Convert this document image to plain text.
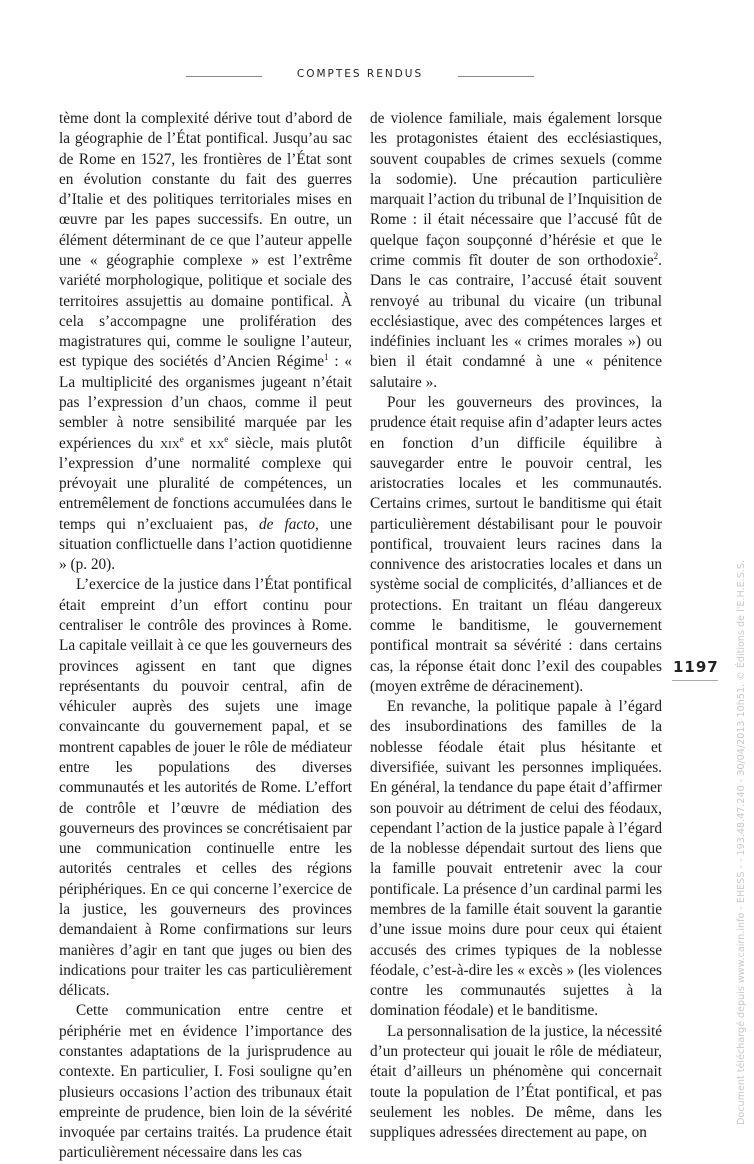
COMPTES RENDUS

tème dont la complexité dérive tout d’abord de la géographie de l’État pontifical. Jusqu’au sac de Rome en 1527, les frontières de l’État sont en évolution constante du fait des guerres d’Italie et des politiques territoriales mises en œuvre par les papes successifs. En outre, un élément déterminant de ce que l’auteur appelle une « géographie complexe » est l’extrême variété morphologique, politique et sociale des territoires assujettis au domaine pontifical. À cela s’accompagne une prolifération des magistratures qui, comme le souligne l’auteur, est typique des sociétés d’Ancien Régime$^1$ : « La multiplicité des organismes jugeant n’était pas l’expression d’un chaos, comme il peut sembler à notre sensibilité marquée par les expériences du xix$^e$ et $xx^e$ siècle, mais plutôt l’expression d’une normalité complexe qui prévoyait une pluralité de compétences, un entremêlement de fonctions accumulées dans le temps qui n’excluaient pas, de facto, une situation conflictuelle dans l’action quotidienne » (p. 20).

L’exercice de la justice dans l’État pontifical était empreint d’un effort continu pour centraliser le contrôle des provinces à Rome. La capitale veillait à ce que les gouverneurs des provinces agissent en tant que dignes représentants du pouvoir central, afin de véhiculer auprès des sujets une image convaincante du gouvernement papal, et se montrent capables de jouer le rôle de médiateur entre les populations des diverses communautés et les autorités de Rome. L’effort de contrôle et l’œuvre de médiation des gouverneurs des provinces se concrétisaient par une communication continuelle entre les autorités centrales et celles des régions périphériques. En ce qui concerne l’exercice de la justice, les gouverneurs des provinces demandaient à Rome confirmations sur leurs manières d’agir en tant que juges ou bien des indications pour traiter les cas particulièrement délicats.

Cette communication entre centre et périphérie met en évidence l’importance des constantes adaptations de la jurisprudence au contexte. En particulier, I. Fosi souligne qu’en plusieurs occasions l’action des tribunaux était empreinte de prudence, bien loin de la sévérité invoquée par certains traités. La prudence était particulièrement nécessaire dans les cas

de violence familiale, mais également lorsque les protagonistes étaient des ecclésiastiques, souvent coupables de crimes sexuels (comme la sodomie). Une précaution particulière marquait l’action du tribunal de l’Inquisition de Rome : il était nécessaire que l’accusé fût de quelque façon soupçonné d’hérésie et que le crime commis fît douter de son orthodoxie$^2$. Dans le cas contraire, l’accusé était souvent renvoyé au tribunal du vicaire (un tribunal ecclésiastique, avec des compétences larges et indéfinies incluant les « crimes morales ») ou bien il était condamné à une « pénitence salutaire ».

Pour les gouverneurs des provinces, la prudence était requise afin d’adapter leurs actes en fonction d’un difficile équilibre à sauvegarder entre le pouvoir central, les aristocraties locales et les communautés. Certains crimes, surtout le banditisme qui était particulièrement déstabilisant pour le pouvoir pontifical, trouvaient leurs racines dans la connivence des aristocraties locales et dans un système social de complicités, d’alliances et de protections. En traitant un fléau dangereux comme le banditisme, le gouvernement pontifical montrait sa sévérité : dans certains cas, la réponse était donc l’exil des coupables (moyen extrême de déracinement).

En revanche, la politique papale à l’égard des insubordinations des familles de la noblesse féodale était plus hésitante et diversifiée, suivant les personnes impliquées. En général, la tendance du pape était d’affirmer son pouvoir au détriment de celui des féodaux, cependant l’action de la justice papale à l’égard de la noblesse dépendait surtout des liens que la famille pouvait entretenir avec la cour pontificale. La présence d’un cardinal parmi les membres de la famille était souvent la garantie d’une issue moins dure pour ceux qui étaient accusés des crimes typiques de la noblesse féodale, c’est-à-dire les « excès » (les violences contre les communautés sujettes à la domination féodale) et le banditisme.

La personnalisation de la justice, la nécessité d’un protecteur qui jouait le rôle de médiateur, était d’ailleurs un phénomène qui concernait toute la population de l’État pontifical, et pas seulement les nobles. De même, dans les suppliques adressées directement au pape, on

1197	Document téléchargé depuis www.cairn.info - EHESS - - 193.48.47.240 - 30/04/2013 10h51. © Éditions de l'E.H.E.S.S.
